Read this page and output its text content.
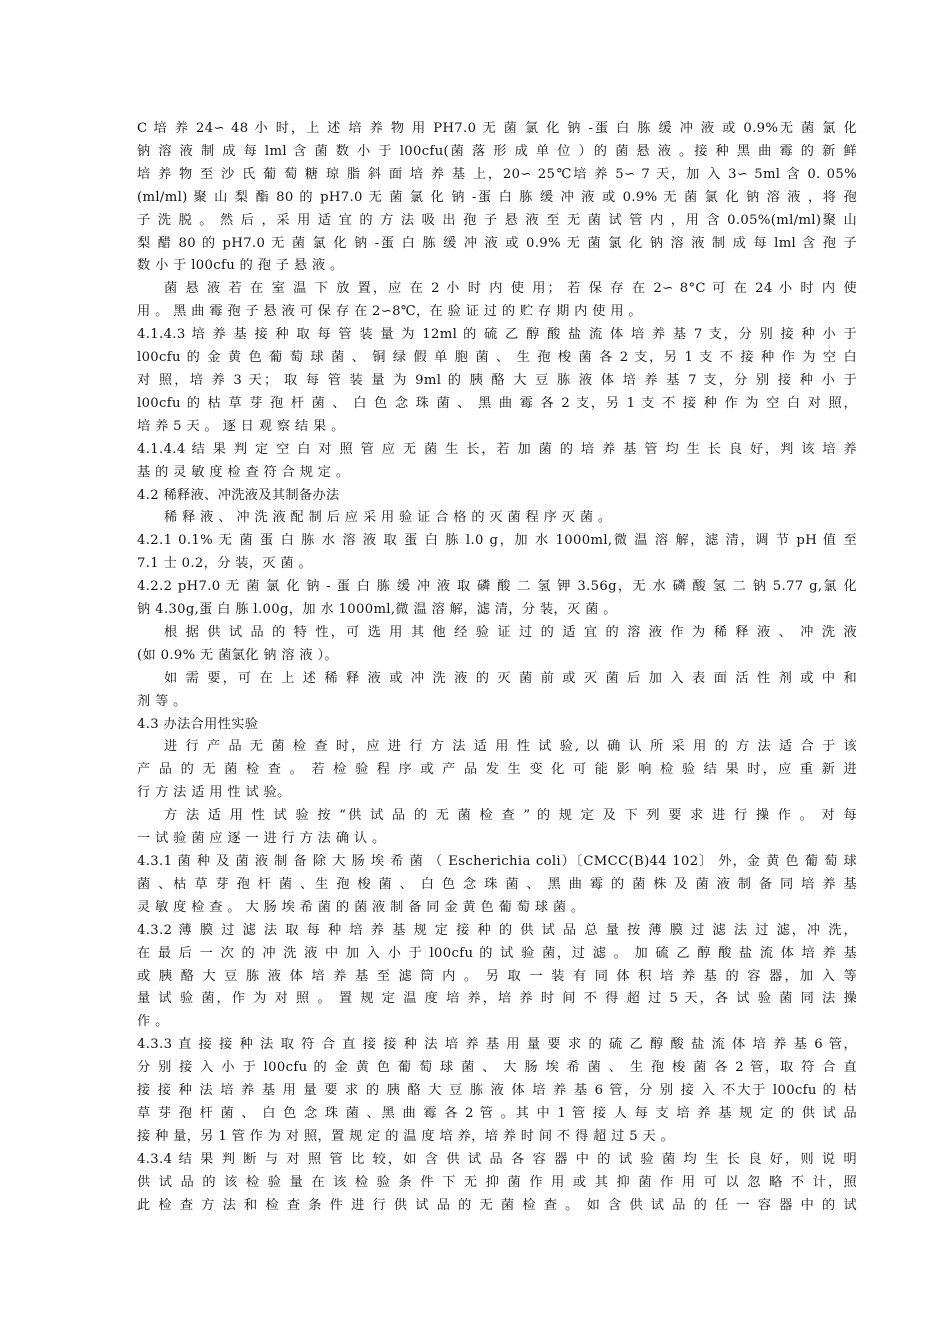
C 培 养 24∽ 48 小 时，上 述 培 养 物 用 PH7.0 无 菌 氯 化 钠 -蛋 白 胨 缓 冲 液 或 0.9%无 菌 氯 化
钠 溶 液 制 成 每 lml 含 菌 数 小 于 l00cfu(菌 落 形 成 单 位 ）的 菌 悬 液 。接 种 黑 曲 霉 的 新 鲜
培 养 物 至 沙 氏 葡 萄 糖 琼 脂 斜 面 培 养 基 上，20∽ 25℃培 养 5∽ 7 天，加 入 3∽ 5ml 含 0. 05%
(ml/ml) 聚 山 梨 酯 80 的 pH7.0 无 菌 氯 化 钠 -蛋 白 胨 缓 冲 液 或 0.9% 无 菌 氯 化 钠 溶 液 ，将 孢
子 洗 脱 。 然 后 ，采 用 适 宜 的 方 法 吸 出 孢 子 悬 液 至 无 菌 试 管 内 ，用 含 0.05%(ml/ml)聚 山
梨 醋 80 的 pH7.0 无 菌 氯 化 钠 -蛋 白 胨 缓 冲 液 或 0.9% 无 菌 氯 化 钠 溶 液 制 成 每 lml 含 孢 子
数 小 于 l00cfu 的 孢 子 悬 液 。
菌 悬 液 若 在 室 温 下 放 置，应 在 2 小 时 内 使 用； 若 保 存 在 2∽ 8°C 可 在 24 小 时 内 使
用 。 黑 曲 霉 孢 子 悬 液 可 保 存 在 2∽8℃，在 验 证 过 的 贮 存 期 内 使 用 。
4.1.4.3 培 养 基 接 种 取 每 管 装 量 为 12ml 的 硫 乙 醇 酸 盐 流 体 培 养 基 7 支，分 别 接 种 小 于
l00cfu 的 金 黄 色 葡 萄 球 菌 、 铜 绿 假 单 胞 菌 、 生 孢 梭 菌 各 2 支，另 1 支 不 接 种 作 为 空 白
对 照，培 养 3 天； 取 每 管 装 量 为 9ml 的 胰 酪 大 豆 胨 液 体 培 养 基 7 支，分 别 接 种 小 于
l00cfu 的 枯 草 芽 孢 杆 菌 、 白 色 念 珠 菌 、 黑 曲 霉 各 2 支，另 1 支 不 接 种 作 为 空 白 对 照，
培 养 5 天 。 逐 日 观 察 结 果 。
4.1.4.4 结 果 判 定 空 白 对 照 管 应 无 菌 生 长，若 加 菌 的 培 养 基 管 均 生 长 良 好，判 该 培 养
基 的 灵 敏 度 检 查 符 合 规 定 。
4.2 稀释液、冲洗液及其制备办法
稀 释 液 、 冲 洗 液 配 制 后 应 采 用 验 证 合 格 的 灭 菌 程 序 灭 菌 。
4.2.1 0.1% 无 菌 蛋 白 胨 水 溶 液 取 蛋 白 胨 l.0 g，加 水 1000ml,微 温 溶 解，滤 清，调 节 pH 值 至
7.1 士 0.2，分 装，灭 菌 。
4.2.2 pH7.0 无 菌 氯 化 钠 - 蛋 白 胨 缓 冲 液 取 磷 酸 二 氢 钾 3.56g，无 水 磷 酸 氢 二 钠 5.77 g,氯 化
钠 4.30g,蛋 白 胨 l.00g，加 水 1000ml,微 温 溶 解，滤 清，分 装，灭 菌 。
根 据 供 试 品 的 特 性，可 选 用 其 他 经 验 证 过 的 适 宜 的 溶 液 作 为 稀 释 液 、 冲 洗 液
(如 0.9% 无 菌氯化 钠 溶 液 ）。
如 需 要，可 在 上 述 稀 释 液 或 冲 洗 液 的 灭 菌 前 或 灭 菌 后 加 入 表 面 活 性 剂 或 中 和
剂 等 。
4.3 办法合用性实验
进 行 产 品 无 菌 检 查 时，应 进 行 方 法 适 用 性 试 验, 以 确 认 所 采 用 的 方 法 适 合 于 该
产 品 的 无 菌 检 查 。 若 检 验 程 序 或 产 品 发 生 变 化 可 能 影 响 检 验 结 果 时，应 重 新 进
行 方 法 适 用 性 试 验。
方 法 适 用 性 试 验 按 “供 试 品 的 无 菌 检 查 ” 的 规 定 及 下 列 要 求 进 行 操 作 。 对 每
一 试 验 菌 应 逐 一 进 行 方 法 确 认 。
4.3.1 菌 种 及 菌 液 制 备 除 大 肠 埃 希 菌 （ Escherichia coli）〔CMCC(B)44 102〕 外，金 黄 色 葡 萄 球
菌 、枯 草 芽 孢 杆 菌 、生 孢 梭 菌 、 白 色 念 珠 菌 、 黑 曲 霉 的 菌 株 及 菌 液 制 备 同 培 养 基
灵 敏 度 检 查 。 大 肠 埃 希 菌 的 菌 液 制 备 同 金 黄 色 葡 萄 球 菌 。
4.3.2 薄 膜 过 滤 法 取 每 种 培 养 基 规 定 接 种 的 供 试 品 总 量 按 薄 膜 过 滤 法 过 滤，冲 洗，
在 最 后 一 次 的 冲 洗 液 中 加 入 小 于 l00cfu 的 试 验 菌，过 滤 。 加 硫 乙 醇 酸 盐 流 体 培 养 基
或 胰 酪 大 豆 胨 液 体 培 养 基 至 滤 筒 内 。 另 取 一 装 有 同 体 积 培 养 基 的 容 器，加 入 等
量 试 验 菌，作 为 对 照 。 置 规 定 温 度 培 养，培 养 时 间 不 得 超 过 5 天，各 试 验 菌 同 法 操
作 。
4.3.3 直 接 接 种 法 取 符 合 直 接 接 种 法 培 养 基 用 量 要 求 的 硫 乙 醇 酸 盐 流 体 培 养 基 6 管，
分 别 接 入 小 于 l00cfu 的 金 黄 色 葡 萄 球 菌 、 大 肠 埃 希 菌 、 生 孢 梭 菌 各 2 管，取 符 合 直
接 接 种 法 培 养 基 用 量 要 求 的 胰 酪 大 豆 胨 液 体 培 养 基 6 管，分 别 接 入 不大于 l00cfu 的 枯
草 芽 孢 杆 菌 、 白 色 念 珠 菌 、黑 曲 霉 各 2 管 。其 中 1 管 接 人 每 支 培 养 基 规 定 的 供 试 品
接 种 量，另 1 管 作 为 对 照，置 规 定 的 温 度 培 养，培 养 时 间 不 得 超 过 5 天 。
4.3.4 结 果 判 断 与 对 照 管 比 较，如 含 供 试 品 各 容 器 中 的 试 验 菌 均 生 长 良 好，则 说 明
供 试 品 的 该 检 验 量 在 该 检 验 条 件 下 无 抑 菌 作 用 或 其 抑 菌 作 用 可 以 忽 略 不 计，照
此 检 查 方 法 和 检 查 条 件 进 行 供 试 品 的 无 菌 检 查 。 如 含 供 试 品 的 任 一 容 器 中 的 试
